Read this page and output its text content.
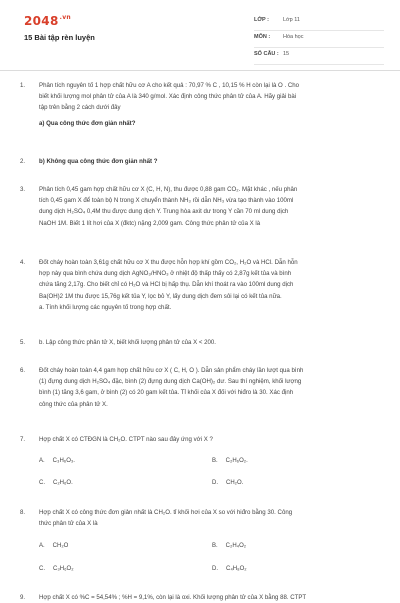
$2048^{.vn}$
15 Bài tập rèn luyện
LỚP :	Lớp 11
MÔN : Hóa học
SỐ CÂU : 15
1. Phân tích nguyên tố 1 hợp chất hữu cơ A cho kết quả : 70,97 % C , 10,15 % H còn lại là O . Cho
biết khối lượng mol phân tử của A là 340 g/mol. Xác định công thức phân tử của A. Hãy giải bài
tập trên bằng 2 cách dưới đây
a) Qua công thức đơn giản nhất?
2. b) Không qua công thức đơn giản nhất ?
3. Phân tích 0,45 gam hợp chất hữu cơ X (C, H, N), thu được 0,88 gam CO₂. Mặt khác , nếu phân
tích 0,45 gam X để toàn bộ N trong X chuyển thành NH₃ rồi dẫn NH₃ vừa tạo thành vào 100ml
dung dịch H₂SO₄ 0,4M thu được dung dịch Y. Trung hòa axit dư trong Y cần 70 ml dung dịch
NaOH 1M. Biết 1 lít hơi của X (đktc) nặng 2,009 gam. Công thức phân tử của X là
4. Đốt cháy hoàn toàn 3,61g chất hữu cơ X thu được hỗn hợp khí gồm CO₂, H₂O và HCl. Dẫn hỗn
hợp này qua bình chứa dung dịch AgNO₃/HNO₃ ở nhiệt độ thấp thấy có 2,87g kết tủa và bình
chứa tăng 2,17g. Cho biết chỉ có H₂O và HCl bị hấp thụ. Dẫn khí thoát ra vào 100ml dung dịch
Ba(OH)2 1M thu được 15,76g kết tủa Y, lọc bỏ Y, lấy dung dịch đem sôi lại có kết tủa nữa.
a. Tính khối lượng các nguyên tố trong hợp chất.
5. b. Lập công thức phân tử X, biết khối lượng phân tử của X < 200.
6. Đốt cháy hoàn toàn 4,4 gam hợp chất hữu cơ X ( C, H, O ). Dẫn sản phẩm cháy lần lượt qua bình
(1) đựng dung dịch H₂SO₄ đặc, bình (2) đựng dung dịch Ca(OH)₂ dư. Sau thí nghiệm, khối lượng
bình (1) tăng 3,6 gam, ở bình (2) có 20 gam kết tủa. Tỉ khối của X đối với hiđro là 30. Xác định
công thức của phân tử X.
7. Hợp chất X có CTĐGN là CH₂O. CTPT nào sau đây ứng với X ?
A. C₃H₆O₃.	B. C₂H₆O₂.
C. C₂H₆O.	D. CH₂O.
8. Hợp chất X có công thức đơn giản nhất là CH₂O. tỉ khối hơi của X so với hiđro bằng 30. Công
thức phân tử của X là
A. CH₂O	B. C₂H₄O₂
C. C₃H₆O₂	D. C₄H₈O₂
9. Hợp chất X có %C = 54,54% ; %H = 9,1%, còn lại là oxi. Khối lượng phân tử của X bằng 88. CTPT
